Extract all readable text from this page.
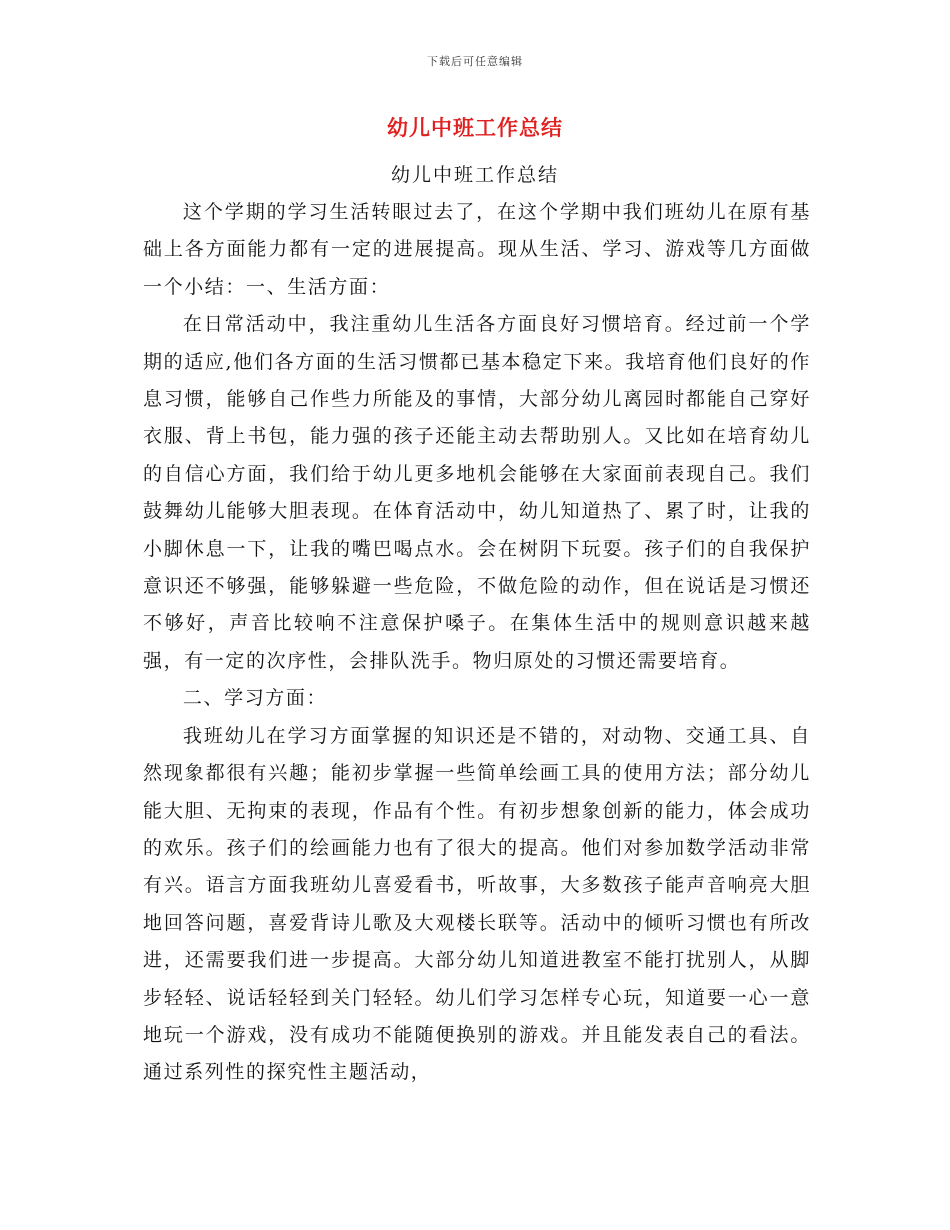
下载后可任意编辑
幼儿中班工作总结
幼儿中班工作总结

这个学期的学习生活转眼过去了，在这个学期中我们班幼儿在原有基础上各方面能力都有一定的进展提高。现从生活、学习、游戏等几方面做一个小结：一、生活方面：

在日常活动中，我注重幼儿生活各方面良好习惯培育。经过前一个学期的适应,他们各方面的生活习惯都已基本稳定下来。我培育他们良好的作息习惯，能够自己作些力所能及的事情，大部分幼儿离园时都能自己穿好衣服、背上书包，能力强的孩子还能主动去帮助别人。又比如在培育幼儿的自信心方面，我们给于幼儿更多地机会能够在大家面前表现自己。我们鼓舞幼儿能够大胆表现。在体育活动中，幼儿知道热了、累了时，让我的小脚休息一下，让我的嘴巴喝点水。会在树阴下玩耍。孩子们的自我保护意识还不够强，能够躲避一些危险，不做危险的动作，但在说话是习惯还不够好，声音比较响不注意保护嗓子。在集体生活中的规则意识越来越强，有一定的次序性，会排队洗手。物归原处的习惯还需要培育。

二、学习方面：

我班幼儿在学习方面掌握的知识还是不错的，对动物、交通工具、自然现象都很有兴趣；能初步掌握一些简单绘画工具的使用方法；部分幼儿能大胆、无拘束的表现，作品有个性。有初步想象创新的能力，体会成功的欢乐。孩子们的绘画能力也有了很大的提高。他们对参加数学活动非常有兴。语言方面我班幼儿喜爱看书，听故事，大多数孩子能声音响亮大胆地回答问题，喜爱背诗儿歌及大观楼长联等。活动中的倾听习惯也有所改进，还需要我们进一步提高。大部分幼儿知道进教室不能打扰别人，从脚步轻轻、说话轻轻到关门轻轻。幼儿们学习怎样专心玩，知道要一心一意地玩一个游戏，没有成功不能随便换别的游戏。并且能发表自己的看法。通过系列性的探究性主题活动，
